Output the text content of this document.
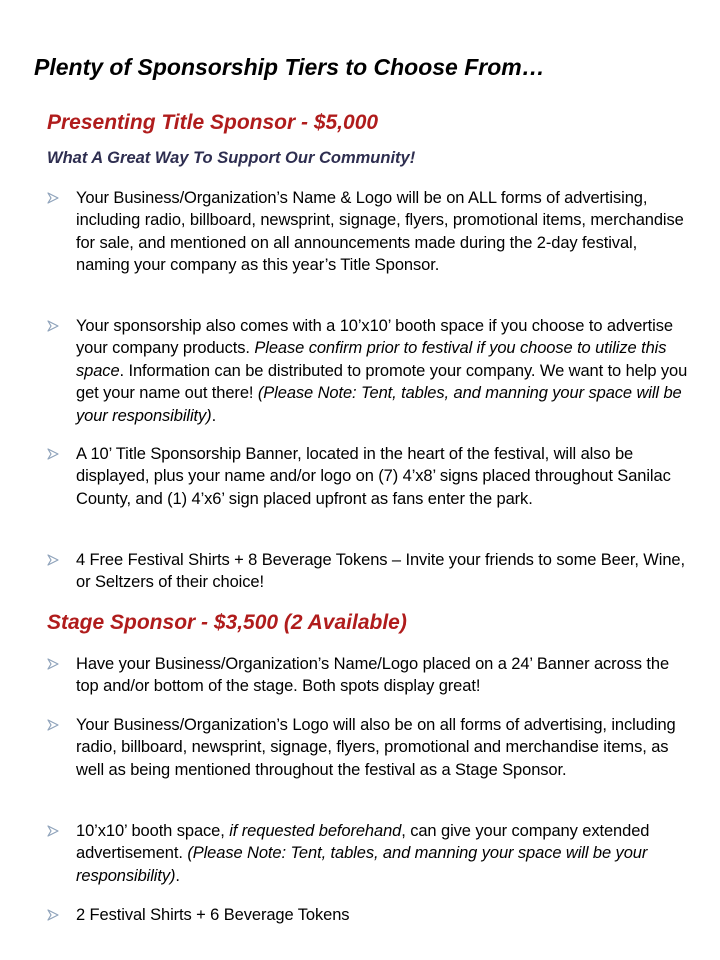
Plenty of Sponsorship Tiers to Choose From…
Presenting Title Sponsor - $5,000

What A Great Way To Support Our Community!

Your Business/Organization’s Name & Logo will be on ALL forms of advertising, including radio, billboard, newsprint, signage, flyers, promotional items, merchandise for sale, and mentioned on all announcements made during the 2-day festival, naming your company as this year’s Title Sponsor.
Your sponsorship also comes with a 10’x10’ booth space if you choose to advertise your company products. Please confirm prior to festival if you choose to utilize this space. Information can be distributed to promote your company. We want to help you get your name out there! (Please Note: Tent, tables, and manning your space will be your responsibility).
A 10’ Title Sponsorship Banner, located in the heart of the festival, will also be displayed, plus your name and/or logo on (7) 4’x8’ signs placed throughout Sanilac County, and (1) 4’x6’ sign placed upfront as fans enter the park.
4 Free Festival Shirts + 8 Beverage Tokens – Invite your friends to some Beer, Wine, or Seltzers of their choice!
Stage Sponsor - $3,500 (2 Available)
Have your Business/Organization’s Name/Logo placed on a 24’ Banner across the top and/or bottom of the stage. Both spots display great!
Your Business/Organization’s Logo will also be on all forms of advertising, including radio, billboard, newsprint, signage, flyers, promotional and merchandise items, as well as being mentioned throughout the festival as a Stage Sponsor.
10’x10’ booth space, if requested beforehand, can give your company extended advertisement. (Please Note: Tent, tables, and manning your space will be your responsibility).
2 Festival Shirts + 6 Beverage Tokens
